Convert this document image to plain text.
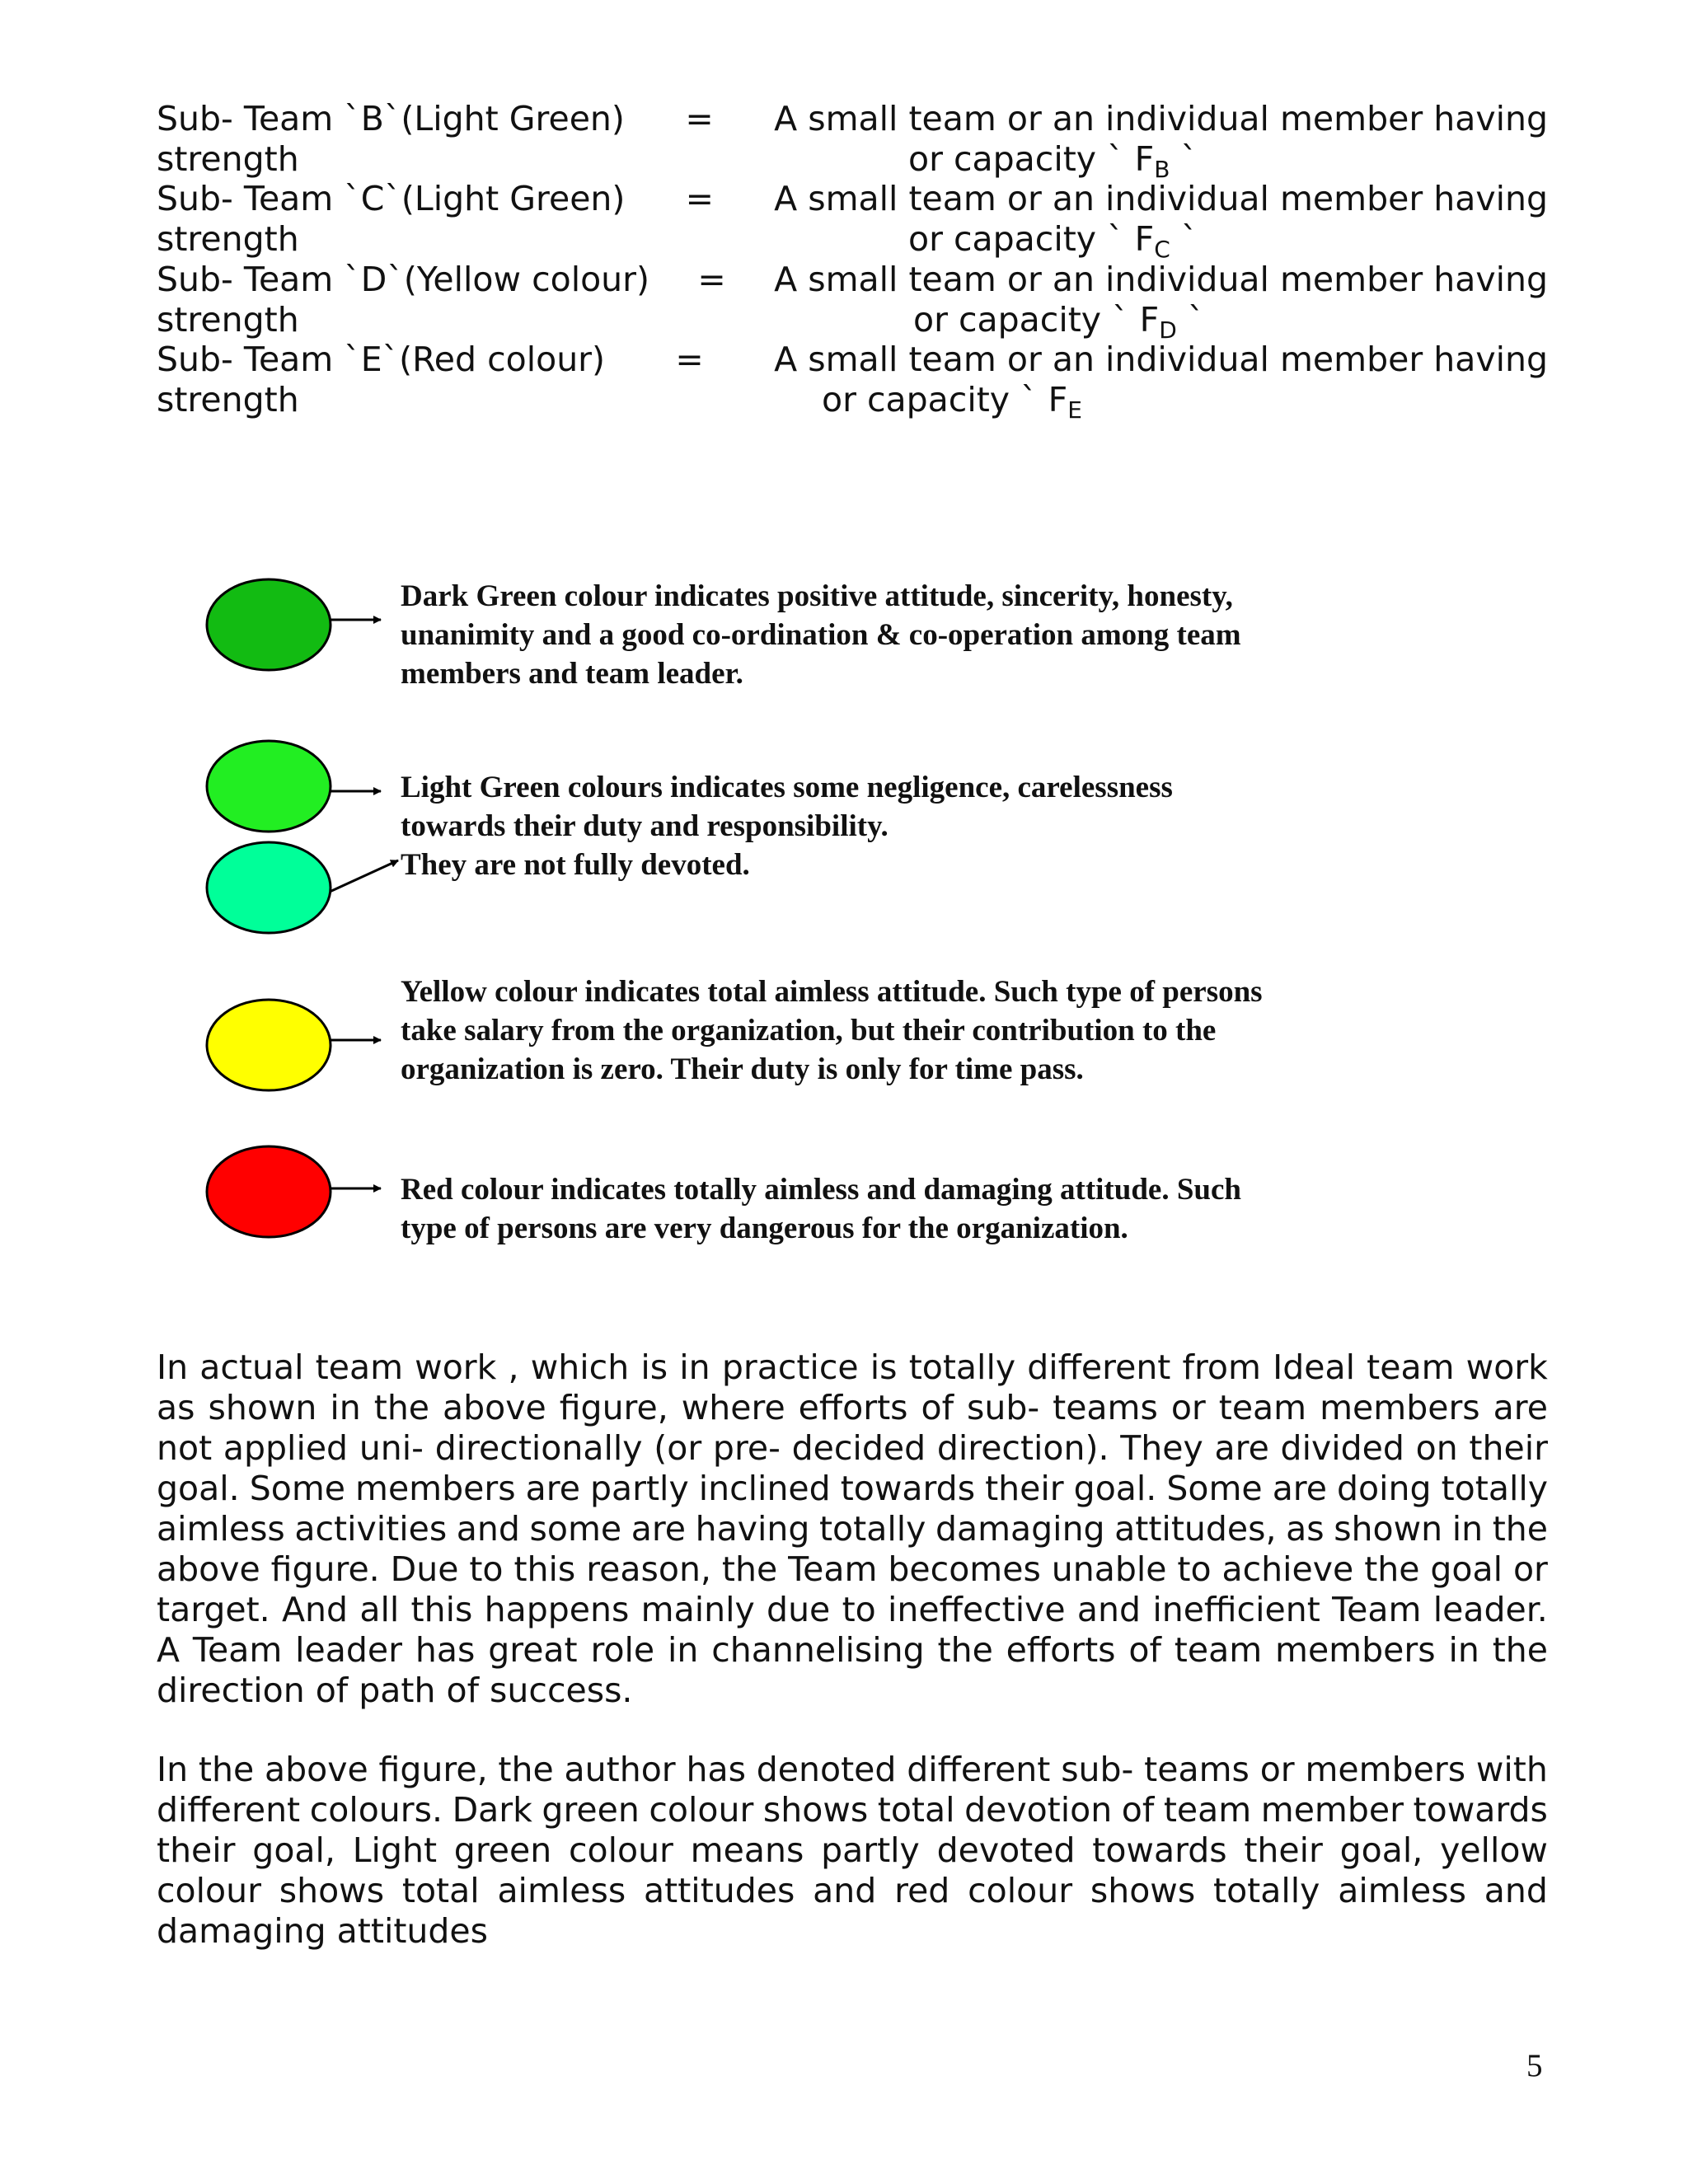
Sub- Team `B`(Light Green) = A small team or an individual member having
strength	or capacity ` $F_B$ `
Sub- Team `C`(Light Green) = A small team or an individual member having
strength	or capacity ` $F_C$ `
Sub- Team `D`(Yellow colour) = A small team or an individual member having
strength	or capacity ` $F_D$ `
Sub- Team `E`(Red colour) = A small team or an individual member having
strength	or capacity ` $F_E$
Dark Green colour indicates positive attitude, sincerity, honesty,
unanimity and a good co-ordination & co-operation among team
members and team leader.
Light Green colours indicates some negligence, carelessness
towards their duty and responsibility.
They are not fully devoted.
Yellow colour indicates total aimless attitude. Such type of persons
take salary from the organization, but their contribution to the
organization is zero. Their duty is only for time pass.
Red colour indicates totally aimless and damaging attitude. Such
type of persons are very dangerous for the organization.
In actual team work , which is in practice is totally different from Ideal team work
as shown in the above figure, where efforts of sub- teams or team members are
not applied uni- directionally (or pre- decided direction). They are divided on their
goal. Some members are partly inclined towards their goal. Some are doing totally
aimless activities and some are having totally damaging attitudes, as shown in the
above figure. Due to this reason, the Team becomes unable to achieve the goal or
target. And all this happens mainly due to ineffective and inefficient Team leader.
A Team leader has great role in channelising the efforts of team members in the
direction of path of success.
In the above figure, the author has denoted different sub- teams or members with
different colours. Dark green colour shows total devotion of team member towards
their goal, Light green colour means partly devoted towards their goal, yellow
colour shows total aimless attitudes and red colour shows totally aimless and
damaging attitudes
5
